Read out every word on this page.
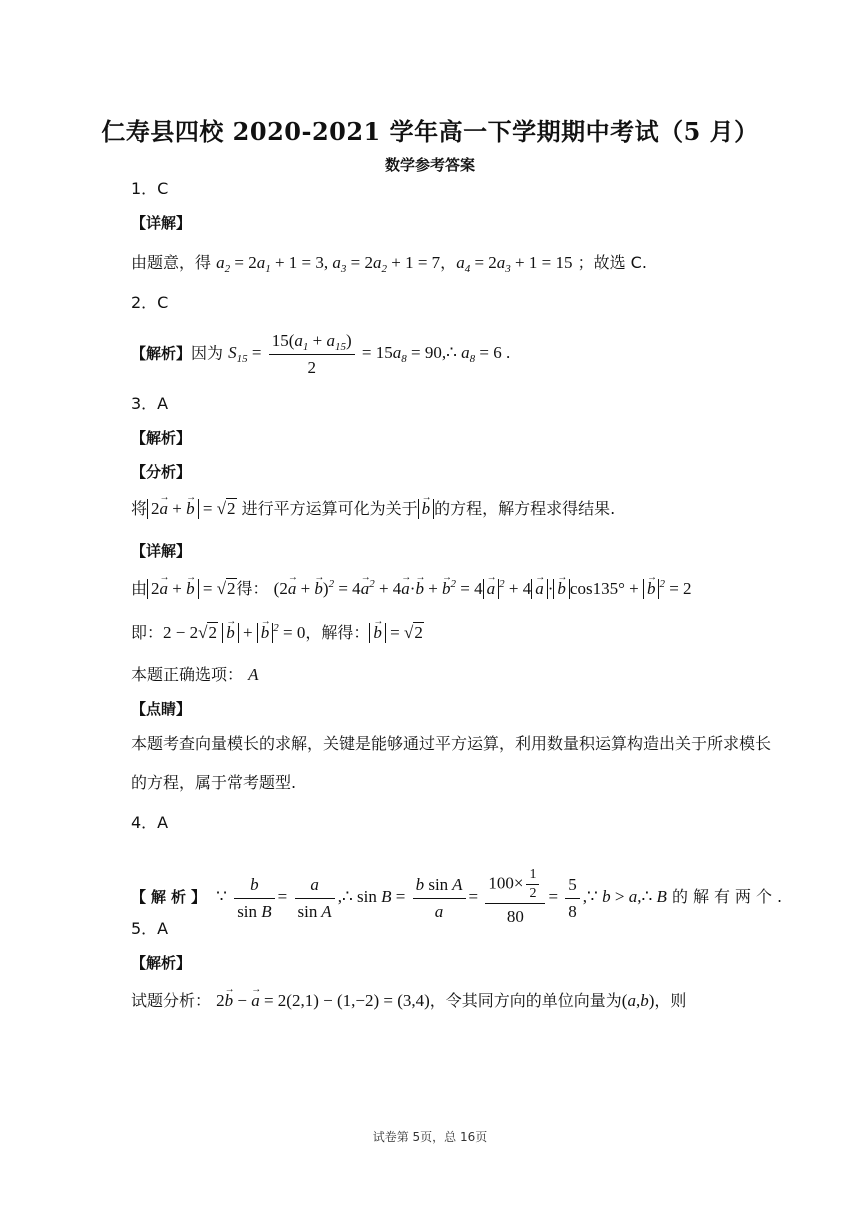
仁寿县四校 2020-2021 学年高一下学期期中考试（5 月）
数学参考答案
1．C
【详解】
由题意，得 $a_2 = 2a_1 + 1 = 3$, $a_3 = 2a_2 + 1 = 7$，$a_4 = 2a_3 + 1 = 15$ ；故选 C.
2．C
【解析】因为 $S_{15} = \frac{15(a_1 + a_{15})}{2} = 15a_8$ = 90,∴ $a_8 = 6$ .
3．A
【解析】
【分析】
将 2→ a + → b = √2 进行平方运算可化为关于 → b 的方程，解方程求得结果.
【详解】
由 2→ a + → b = √2得： (2→ a + → $b)^2 = 4\to a^2 + 4\to a\cdot\to b$ + → $b^2 = 4 \to a$ $^2$ + 4 → a · → b cos135° + → b $^2$ = 2
即：2 − 2√2 → b + → b $^2$ = 0，解得： → b = √2
本题正确选项： A
【点睛】
本题考查向量模长的求解，关键是能够通过平方运算，利用数量积运算构造出关于所求模长
的方程，属于常考题型.
4．A
【解析】 ∵ $\frac{b}{\text{sin B}} = \frac{a}{\text{sin A}}$ ,∴ $\sin B = \frac{\text{b sin A}}{a} = \frac{100\times \frac{1}{2}}{80} = \frac{5}{8}$ ,∵ b > a,∴ B 的解有两个.
5．A
【解析】
试题分析： 2→ b − → a = 2(2,1) − (1,−2) = (3,4)，令其同方向的单位向量为(a,b)，则
试卷第 5页，总 16页
